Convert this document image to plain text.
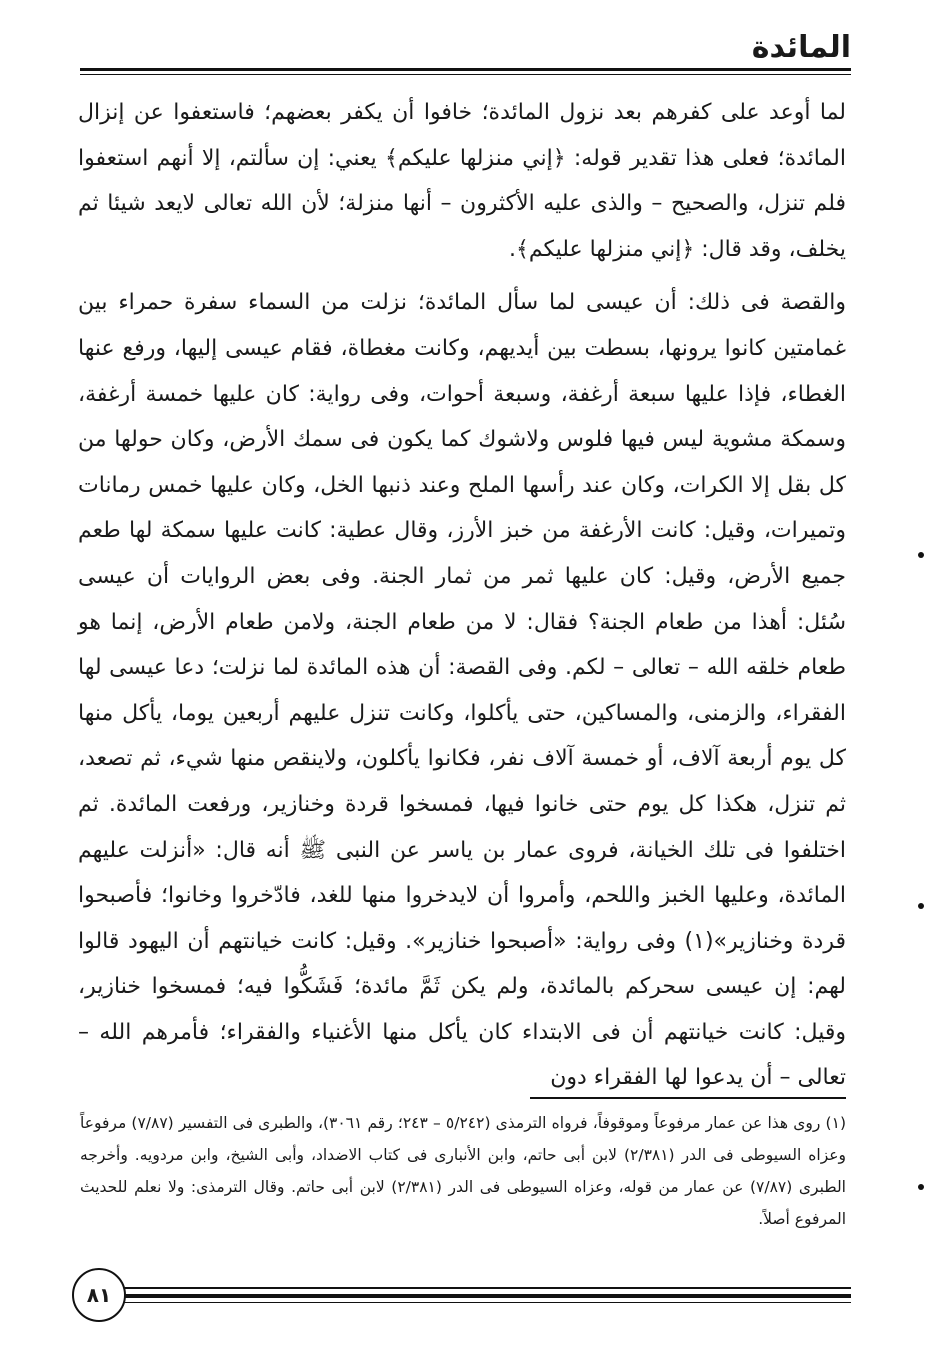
المائدة

لما أوعد على كفرهم بعد نزول المائدة؛ خافوا أن يكفر بعضهم؛ فاستعفوا عن إنزال المائدة؛ فعلى هذا تقدير قوله: ﴿إني منزلها عليكم﴾ يعني: إن سألتم، إلا أنهم استعفوا فلم تنزل، والصحيح – والذى عليه الأكثرون – أنها منزلة؛ لأن الله تعالى لايعد شيئا ثم يخلف، وقد قال: ﴿إني منزلها عليكم﴾.

والقصة فى ذلك: أن عيسى لما سأل المائدة؛ نزلت من السماء سفرة حمراء بين غمامتين كانوا يرونها، بسطت بين أيديهم، وكانت مغطاة، فقام عيسى إليها، ورفع عنها الغطاء، فإذا عليها سبعة أرغفة، وسبعة أحوات، وفى رواية: كان عليها خمسة أرغفة، وسمكة مشوية ليس فيها فلوس ولاشوك كما يكون فى سمك الأرض، وكان حولها من كل بقل إلا الكرات، وكان عند رأسها الملح وعند ذنبها الخل، وكان عليها خمس رمانات وتميرات، وقيل: كانت الأرغفة من خبز الأرز، وقال عطية: كانت عليها سمكة لها طعم جميع الأرض، وقيل: كان عليها ثمر من ثمار الجنة. وفى بعض الروايات أن عيسى سُئل: أهذا من طعام الجنة؟ فقال: لا من طعام الجنة، ولامن طعام الأرض، إنما هو طعام خلقه الله – تعالى – لكم. وفى القصة: أن هذه المائدة لما نزلت؛ دعا عيسى لها الفقراء، والزمنى، والمساكين، حتى يأكلوا، وكانت تنزل عليهم أربعين يوما، يأكل منها كل يوم أربعة آلاف، أو خمسة آلاف نفر، فكانوا يأكلون، ولاينقص منها شيء، ثم تصعد، ثم تنزل، هكذا كل يوم حتى خانوا فيها، فمسخوا قردة وخنازير، ورفعت المائدة. ثم اختلفوا فى تلك الخيانة، فروى عمار بن ياسر عن النبى ﷺ أنه قال: «أنزلت عليهم المائدة، وعليها الخبز واللحم، وأمروا أن لايدخروا منها للغد، فادّخروا وخانوا؛ فأصبحوا قردة وخنازير»(١) وفى رواية: «أصبحوا خنازير». وقيل: كانت خيانتهم أن اليهود قالوا لهم: إن عيسى سحركم بالمائدة، ولم يكن ثَمَّ مائدة؛ فَشَكُّوا فيه؛ فمسخوا خنازير، وقيل: كانت خيانتهم أن فى الابتداء كان يأكل منها الأغنياء والفقراء؛ فأمرهم الله – تعالى – أن يدعوا لها الفقراء دون

(١) روى هذا عن عمار مرفوعاً وموقوفاً، فرواه الترمذى (٥/٢٤٢ – ٢٤٣؛ رقم ٣٠٦١)، والطبرى فى التفسير (٧/٨٧) مرفوعاً وعزاه السيوطى فى الدر (٢/٣٨١) لابن أبى حاتم، وابن الأنبارى فى كتاب الاضداد، وأبى الشيخ، وابن مردويه. وأخرجه الطبرى (٧/٨٧) عن عمار من قوله، وعزاه السيوطى فى الدر (٢/٣٨١) لابن أبى حاتم. وقال الترمذى: ولا نعلم للحديث المرفوع أصلاً.

٨١
